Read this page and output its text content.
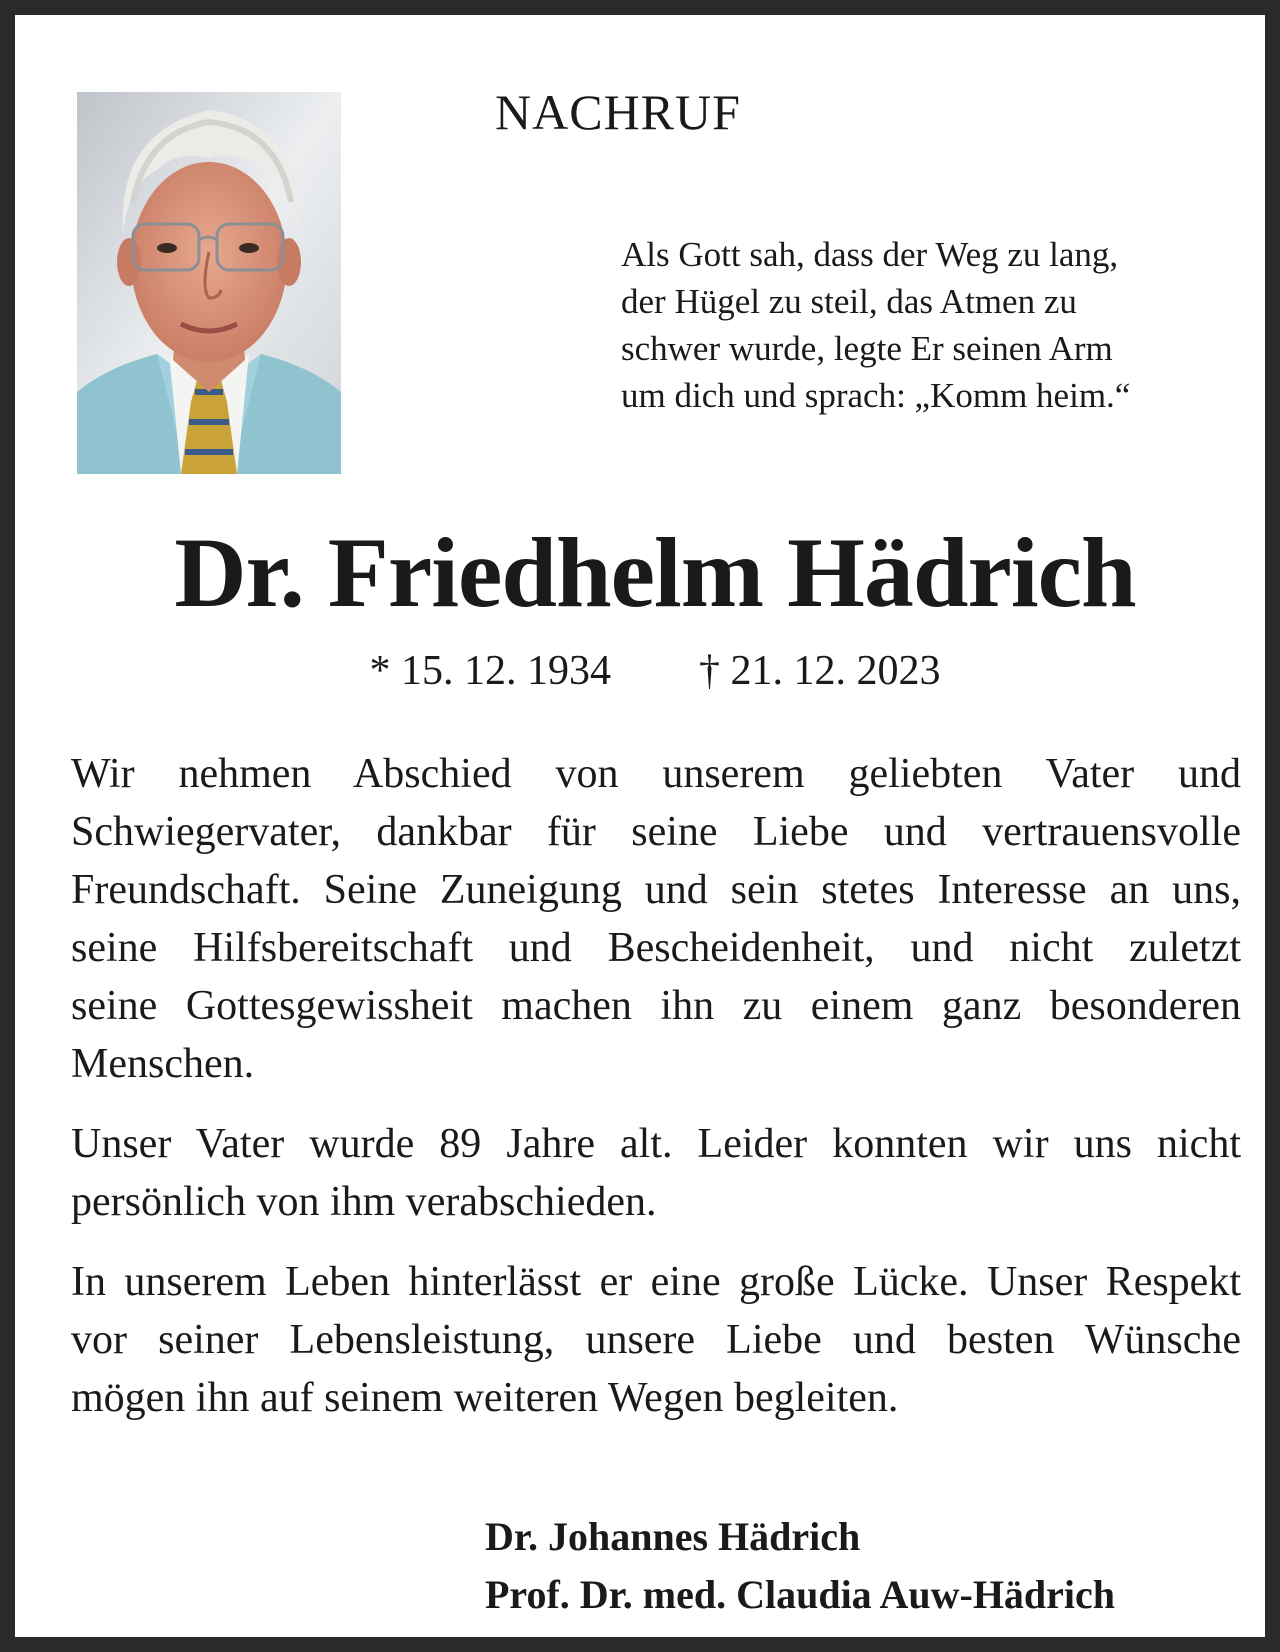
NACHRUF
Als Gott sah, dass der Weg zu lang,
der Hügel zu steil, das Atmen zu
schwer wurde, legte Er seinen Arm
um dich und sprach: „Komm heim.“
Dr. Friedhelm Hädrich
* 15. 12. 1934 † 21. 12. 2023

Wir nehmen Abschied von unserem geliebten Vater und
Schwiegervater, dankbar für seine Liebe und vertrauensvolle
Freundschaft. Seine Zuneigung und sein stetes Interesse an uns,
seine Hilfsbereitschaft und Bescheidenheit, und nicht zuletzt
seine Gottesgewissheit machen ihn zu einem ganz besonderen
Menschen.

Unser Vater wurde 89 Jahre alt. Leider konnten wir uns nicht
persönlich von ihm verabschieden.

In unserem Leben hinterlässt er eine große Lücke. Unser Respekt
vor seiner Lebensleistung, unsere Liebe und besten Wünsche
mögen ihn auf seinem weiteren Wegen begleiten.

Dr. Johannes Hädrich
Prof. Dr. med. Claudia Auw-Hädrich
